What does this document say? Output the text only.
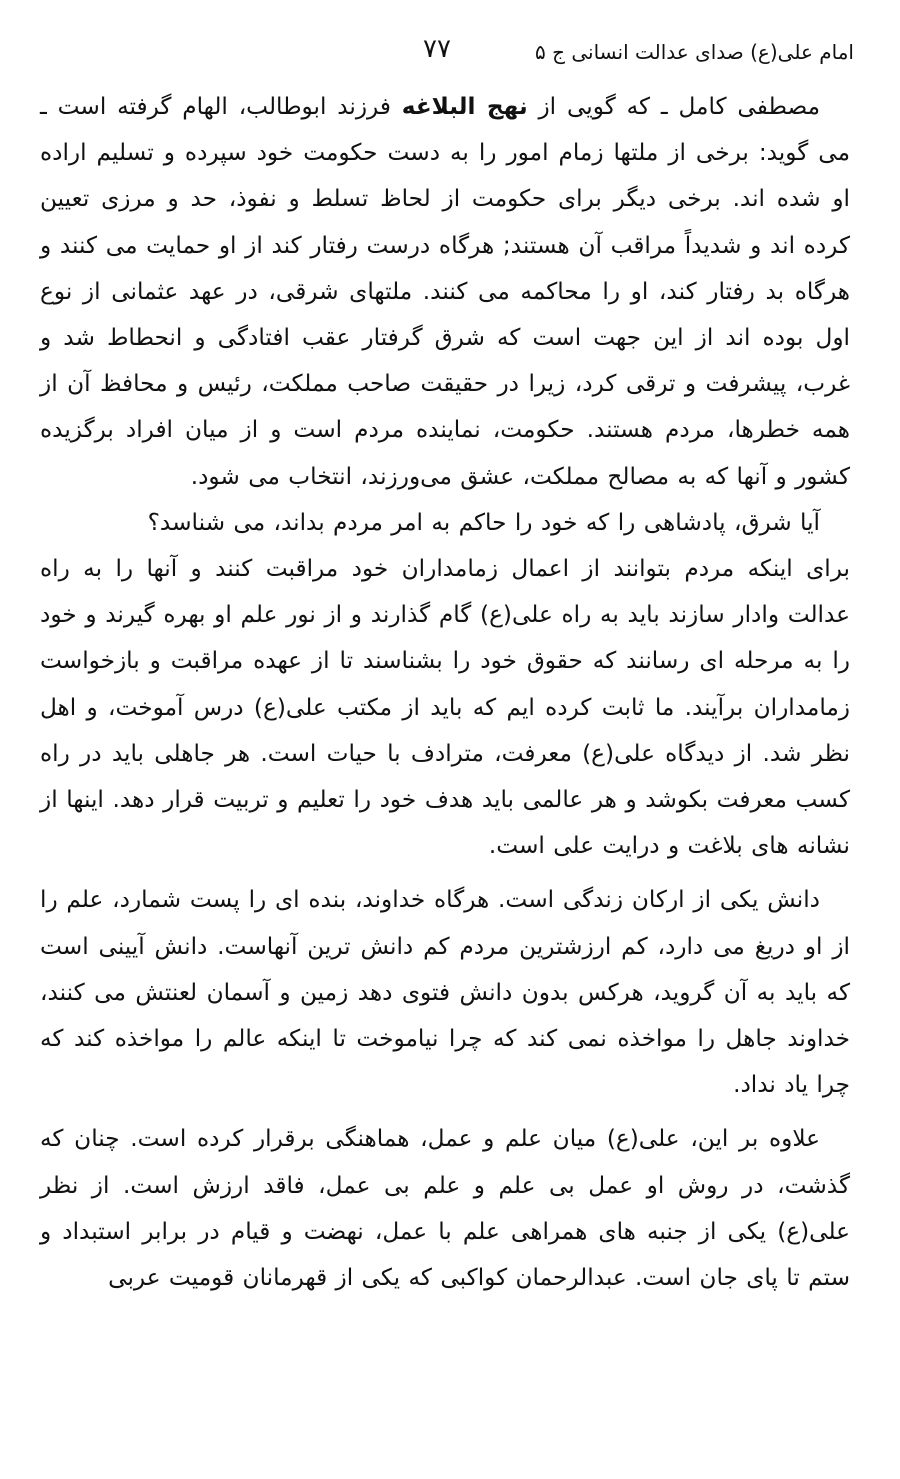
امام علی(ع) صدای عدالت انسانی ج ۵
۷۷

مصطفی کامل ـ که گویی از نهج البلاغه فرزند ابوطالب، الهام گرفته است ـ می گوید: برخی از ملتها زمام امور را به دست حکومت خود سپرده و تسلیم اراده او شده اند. برخی دیگر برای حکومت از لحاظ تسلط و نفوذ، حد و مرزی تعیین کرده اند و شدیداً مراقب آن هستند; هرگاه درست رفتار کند از او حمایت می کنند و هرگاه بد رفتار کند، او را محاکمه می کنند. ملتهای شرقی، در عهد عثمانی از نوع اول بوده اند از این جهت است که شرق گرفتار عقب افتادگی و انحطاط شد و غرب، پیشرفت و ترقی کرد، زیرا در حقیقت صاحب مملکت، رئیس و محافظ آن از همه خطرها، مردم هستند. حکومت، نماینده مردم است و از میان افراد برگزیده کشور و آنها که به مصالح مملکت، عشق می‌ورزند، انتخاب می شود.

آیا شرق، پادشاهی را که خود را حاکم به امر مردم بداند، می شناسد؟

برای اینکه مردم بتوانند از اعمال زمامداران خود مراقبت کنند و آنها را به راه عدالت وادار سازند باید به راه علی(ع) گام گذارند و از نور علم او بهره گیرند و خود را به مرحله ای رسانند که حقوق خود را بشناسند تا از عهده مراقبت و بازخواست زمامداران برآیند. ما ثابت کرده ایم که باید از مکتب علی(ع) درس آموخت، و اهل نظر شد. از دیدگاه علی(ع) معرفت، مترادف با حیات است. هر جاهلی باید در راه کسب معرفت بکوشد و هر عالمی باید هدف خود را تعلیم و تربیت قرار دهد. اینها از نشانه های بلاغت و درایت علی است.

دانش یکی از ارکان زندگی است. هرگاه خداوند، بنده ای را پست شمارد، علم را از او دریغ می دارد، کم ارزشترین مردم کم دانش ترین آنهاست. دانش آیینی است که باید به آن گروید، هرکس بدون دانش فتوی دهد زمین و آسمان لعنتش می کنند، خداوند جاهل را مواخذه نمی کند که چرا نیاموخت تا اینکه عالم را مواخذه کند که چرا یاد نداد.

علاوه بر این، علی(ع) میان علم و عمل، هماهنگی برقرار کرده است. چنان که گذشت، در روش او عمل بی علم و علم بی عمل، فاقد ارزش است. از نظر علی(ع) یکی از جنبه های همراهی علم با عمل، نهضت و قیام در برابر استبداد و ستم تا پای جان است. عبدالرحمان کواکبی که یکی از قهرمانان قومیت عربی
